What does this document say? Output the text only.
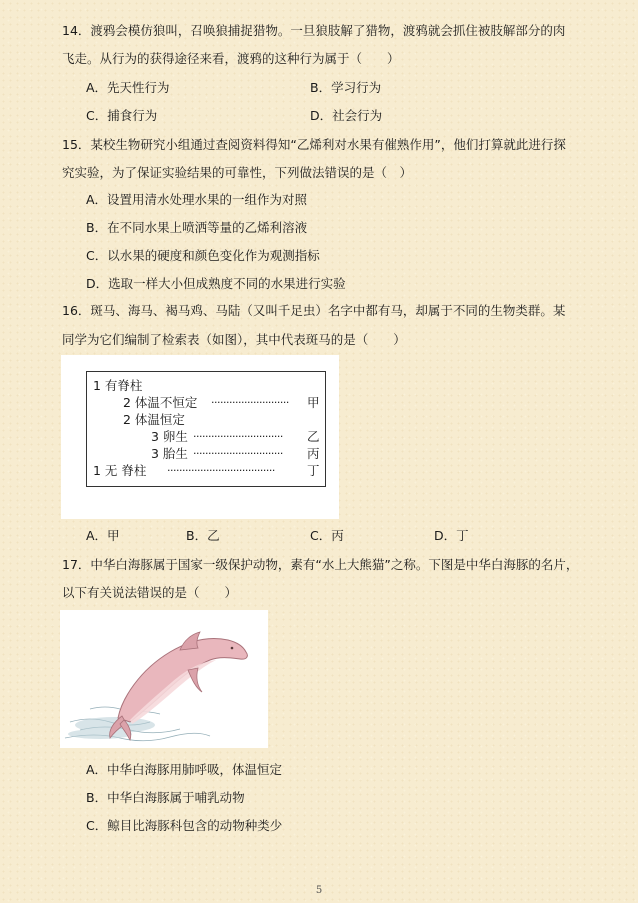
14．渡鸦会模仿狼叫，召唤狼捕捉猎物。一旦狼肢解了猎物，渡鸦就会抓住被肢解部分的肉
飞走。从行为的获得途径来看，渡鸦的这种行为属于（　　）
A．先天性行为	B．学习行为
C．捕食行为	D．社会行为
15．某校生物研究小组通过查阅资料得知“乙烯利对水果有催熟作用”，他们打算就此进行探
究实验，为了保证实验结果的可靠性，下列做法错误的是（　）
A．设置用清水处理水果的一组作为对照
B．在不同水果上喷洒等量的乙烯利溶液
C．以水果的硬度和颜色变化作为观测指标
D．选取一样大小但成熟度不同的水果进行实验
16．斑马、海马、褐马鸡、马陆（又叫千足虫）名字中都有马，却属于不同的生物类群。某
同学为它们编制了检索表（如图），其中代表斑马的是（　　）
1 有脊柱
2 体温不恒定 ··························	甲
2 体温恒定
3 卵生 ······························	乙
3 胎生 ······························	丙
1 无 脊柱 ····································	丁
A．甲	B．乙	C．丙	D．丁
17．中华白海豚属于国家一级保护动物，素有“水上大熊猫”之称。下图是中华白海豚的名片，
以下有关说法错误的是（　　）
A．中华白海豚用肺呼吸，体温恒定
B．中华白海豚属于哺乳动物
C．鲸目比海豚科包含的动物种类少
5
